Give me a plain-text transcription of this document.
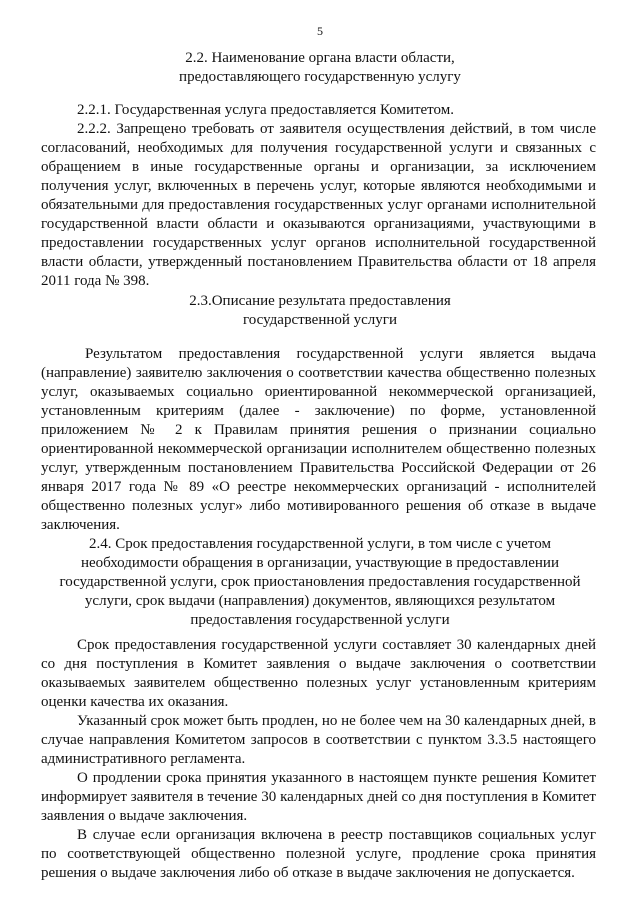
5
2.2. Наименование органа власти области,
предоставляющего государственную услугу
2.2.1. Государственная услуга предоставляется Комитетом.
2.2.2. Запрещено требовать от заявителя осуществления действий, в том числе согласований, необходимых для получения государственной услуги и связанных с обращением в иные государственные органы и организации, за исключением получения услуг, включенных в перечень услуг, которые являются необходимыми и обязательными для предоставления государственных услуг органами исполнительной государственной власти области и оказываются организациями, участвующими в предоставлении государственных услуг органов исполнительной государственной власти области, утвержденный постановлением Правительства области от 18 апреля 2011 года № 398.
2.3.Описание результата предоставления
государственной услуги
Результатом предоставления государственной услуги является выдача (направление) заявителю заключения о соответствии качества общественно полезных услуг, оказываемых социально ориентированной некоммерческой организацией, установленным критериям (далее - заключение) по форме, установленной приложением № 2 к Правилам принятия решения о признании социально ориентированной некоммерческой организации исполнителем общественно полезных услуг, утвержденным постановлением Правительства Российской Федерации от 26 января 2017 года № 89 «О реестре некоммерческих организаций - исполнителей общественно полезных услуг» либо мотивированного решения об отказе в выдаче заключения.
2.4. Срок предоставления государственной услуги, в том числе с учетом
необходимости обращения в организации, участвующие в предоставлении
государственной услуги, срок приостановления предоставления государственной
услуги, срок выдачи (направления) документов, являющихся результатом
предоставления государственной услуги
Срок предоставления государственной услуги составляет 30 календарных дней со дня поступления в Комитет заявления о выдаче заключения о соответствии оказываемых заявителем общественно полезных услуг установленным критериям оценки качества их оказания.
Указанный срок может быть продлен, но не более чем на 30 календарных дней, в случае направления Комитетом запросов в соответствии с пунктом 3.3.5 настоящего административного регламента.
О продлении срока принятия указанного в настоящем пункте решения Комитет информирует заявителя в течение 30 календарных дней со дня поступления в Комитет заявления о выдаче заключения.
В случае если организация включена в реестр поставщиков социальных услуг по соответствующей общественно полезной услуге, продление срока принятия решения о выдаче заключения либо об отказе в выдаче заключения не допускается.
